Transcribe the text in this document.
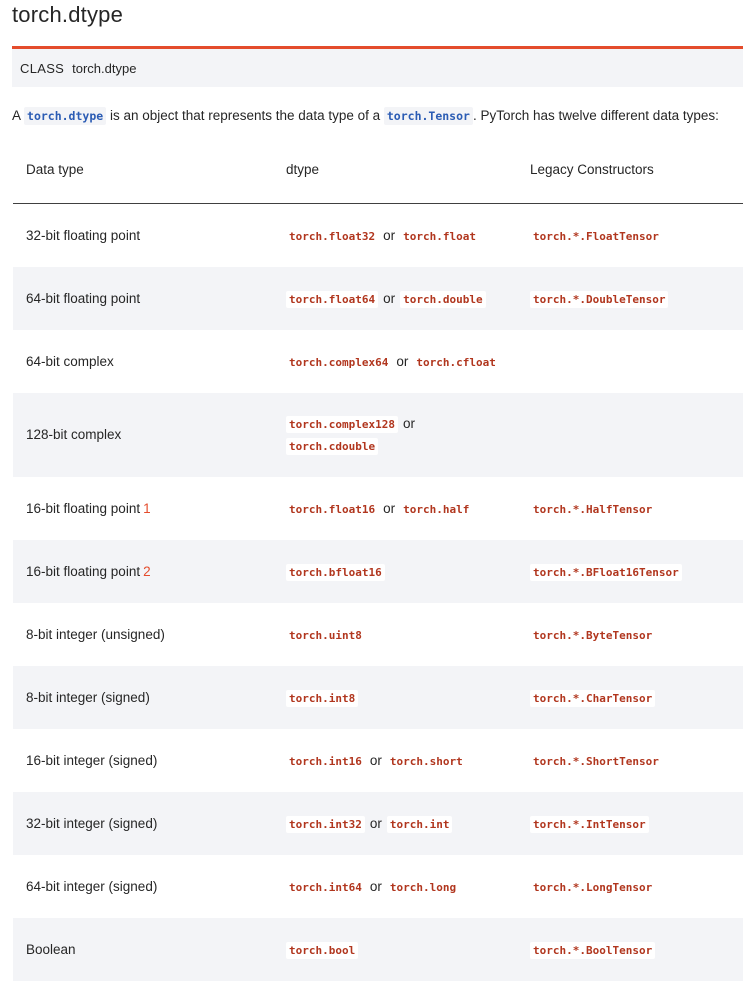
torch.dtype
CLASS torch.dtype
A torch.dtype is an object that represents the data type of a torch.Tensor . PyTorch has twelve different data types:
Data type	dtype	Legacy Constructors
32-bit floating point	torch.float32 or torch.float	torch.*.FloatTensor
64-bit floating point	torch.float64 or torch.double	torch.*.DoubleTensor
64-bit complex	torch.complex64 or torch.cfloat	
128-bit complex	torch.complex128 or
torch.cdouble	

16-bit floating point 1	torch.float16 or torch.half	torch.*.HalfTensor
16-bit floating point 2	torch.bfloat16	torch.*.BFloat16Tensor
8-bit integer (unsigned)	torch.uint8	torch.*.ByteTensor
8-bit integer (signed)	torch.int8	torch.*.CharTensor
16-bit integer (signed)	torch.int16 or torch.short	torch.*.ShortTensor
32-bit integer (signed)	torch.int32 or torch.int	torch.*.IntTensor
64-bit integer (signed)	torch.int64 or torch.long	torch.*.LongTensor
Boolean	torch.bool	torch.*.BoolTensor
